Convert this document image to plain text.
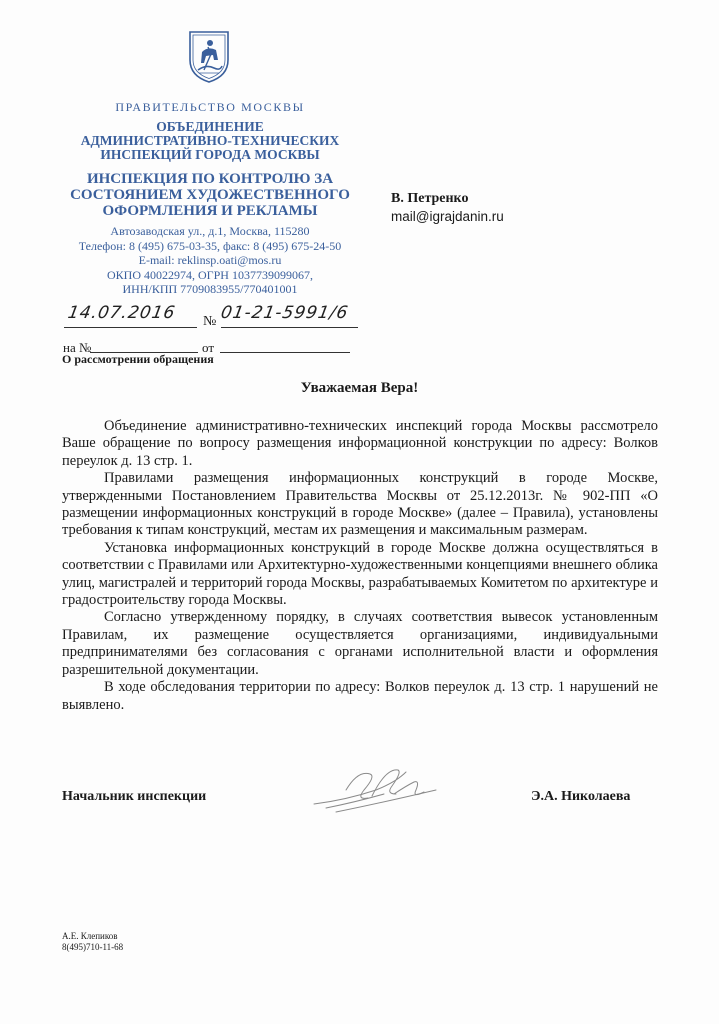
ПРАВИТЕЛЬСТВО МОСКВЫ
ОБЪЕДИНЕНИЕ
АДМИНИСТРАТИВНО-ТЕХНИЧЕСКИХ
ИНСПЕКЦИЙ ГОРОДА МОСКВЫ
ИНСПЕКЦИЯ ПО КОНТРОЛЮ ЗА
СОСТОЯНИЕМ ХУДОЖЕСТВЕННОГО
ОФОРМЛЕНИЯ И РЕКЛАМЫ
Автозаводская ул., д.1, Москва, 115280
Телефон: 8 (495) 675-03-35, факс: 8 (495) 675-24-50
E-mail: reklinsp.oati@mos.ru
ОКПО 40022974, ОГРН 1037739099067,
ИНН/КПП 7709083955/770401001
В. Петренко
mail@igrajdanin.ru
14.07.2016 № 01-21-5991/6
на №	от
О рассмотрении обращения
Уважаемая Вера!

Объединение административно-технических инспекций города Москвы рассмотрело Ваше обращение по вопросу размещения информационной конструкции по адресу: Волков переулок д. 13 стр. 1.

Правилами размещения информационных конструкций в городе Москве, утвержденными Постановлением Правительства Москвы от 25.12.2013г. № 902-ПП «О размещении информационных конструкций в городе Москве» (далее – Правила), установлены требования к типам конструкций, местам их размещения и максимальным размерам.

Установка информационных конструкций в городе Москве должна осуществляться в соответствии с Правилами или Архитектурно-художественными концепциями внешнего облика улиц, магистралей и территорий города Москвы, разрабатываемых Комитетом по архитектуре и градостроительству города Москвы.

Согласно утвержденному порядку, в случаях соответствия вывесок установленным Правилам, их размещение осуществляется организациями, индивидуальными предпринимателями без согласования с органами исполнительной власти и оформления разрешительной документации.

В ходе обследования территории по адресу: Волков переулок д. 13 стр. 1 нарушений не выявлено.

Начальник инспекции	Э.А. Николаева
А.Е. Клепиков
8(495)710-11-68
